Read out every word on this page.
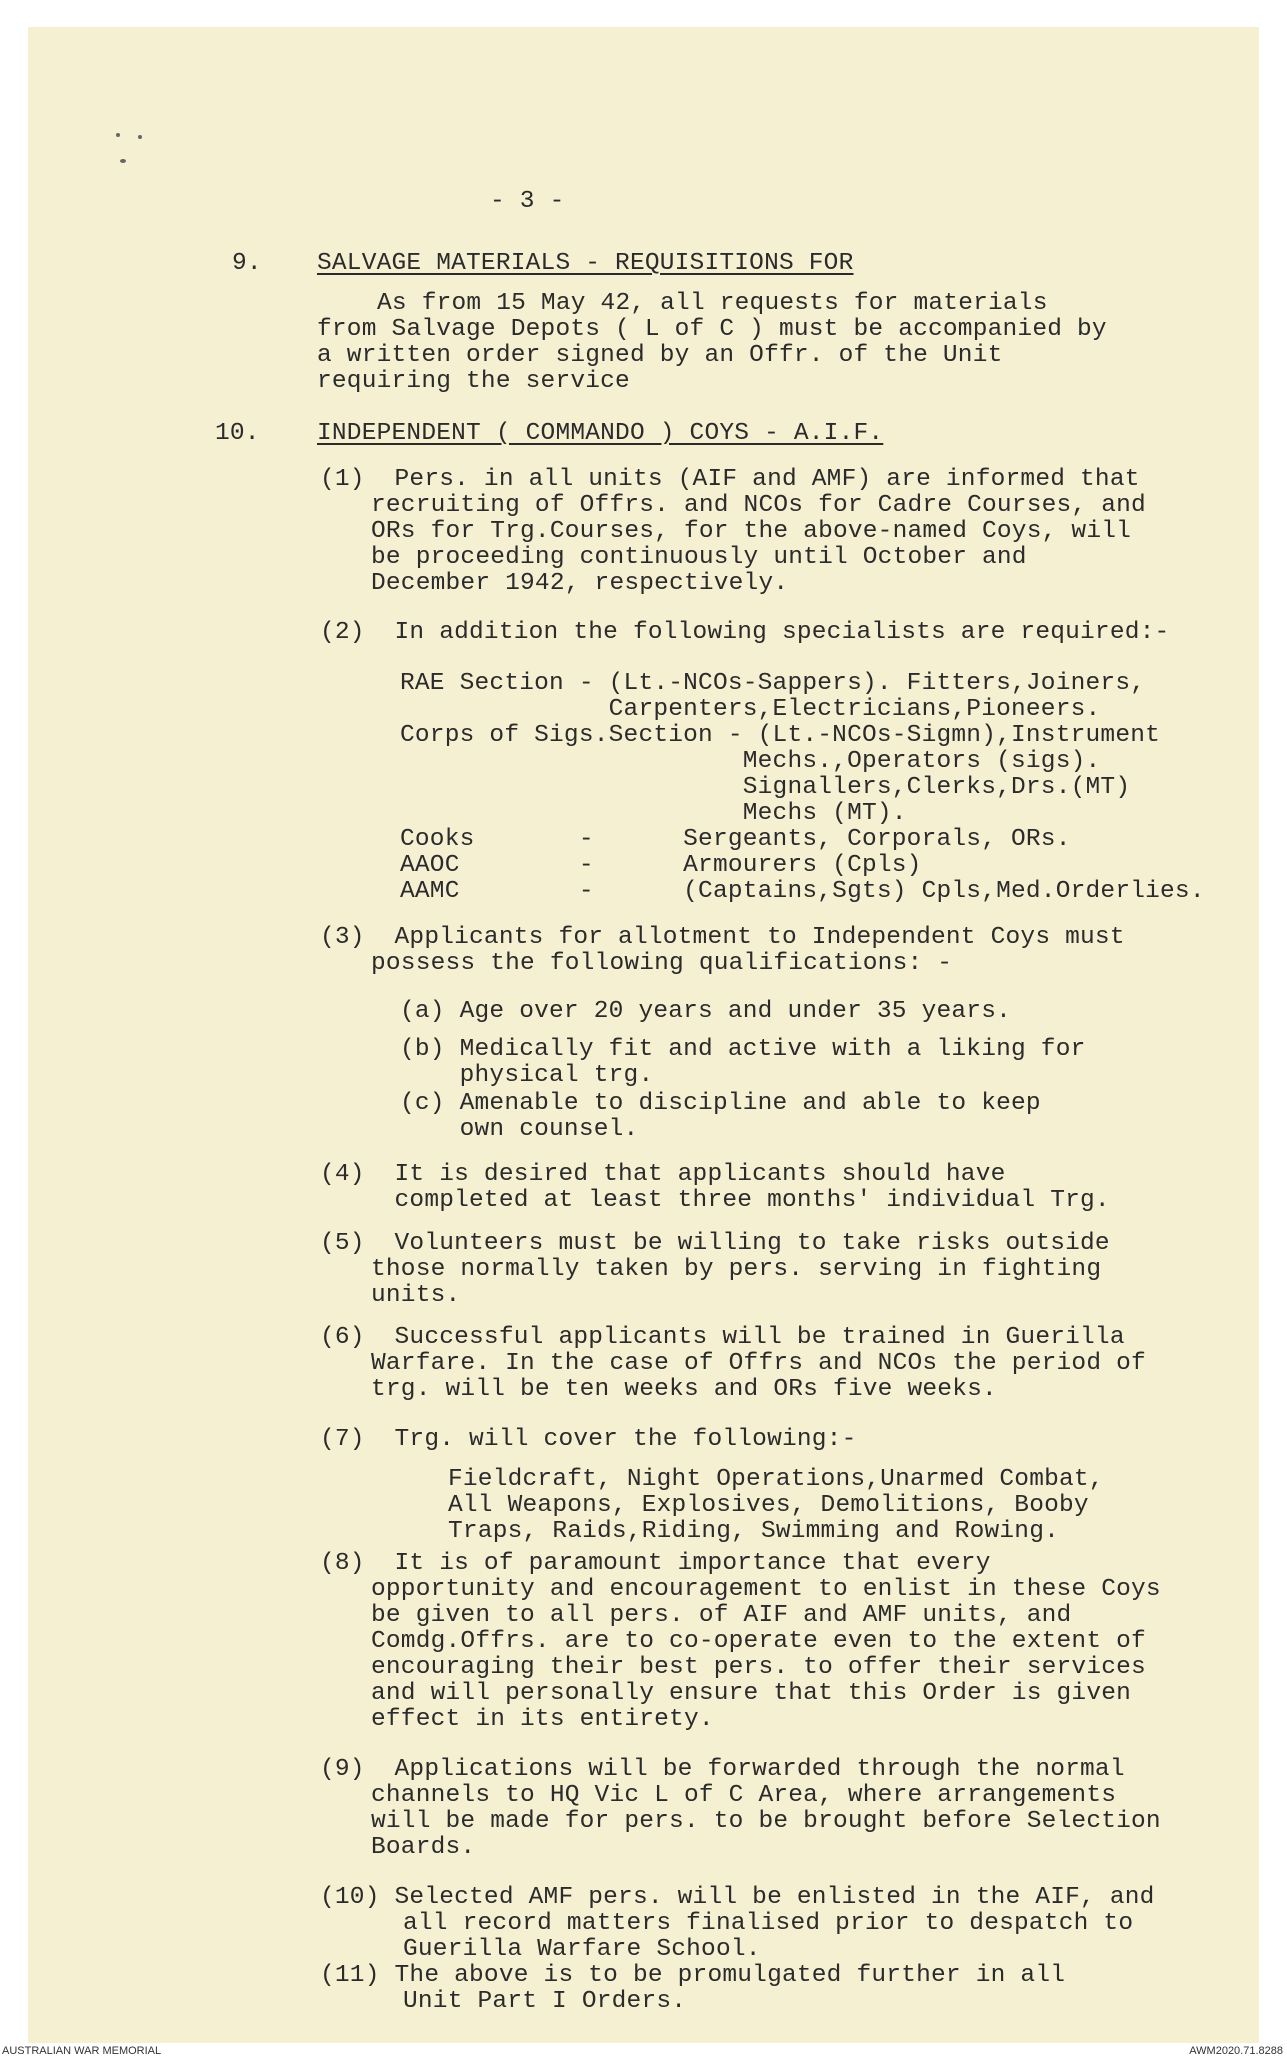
- 3 -
9. SALVAGE MATERIALS - REQUISITIONS FOR
As from 15 May 42, all requests for materials
from Salvage Depots ( L of C ) must be accompanied by
a written order signed by an Offr. of the Unit
requiring the service
10. INDEPENDENT ( COMMANDO ) COYS - A.I.F.
(1)  Pers. in all units (AIF and AMF) are informed that
recruiting of Offrs. and NCOs for Cadre Courses, and
ORs for Trg.Courses, for the above-named Coys, will
be proceeding continuously until October and
December 1942, respectively.
(2)  In addition the following specialists are required:-
RAE Section - (Lt.-NCOs-Sappers). Fitters,Joiners,
Carpenters,Electricians,Pioneers.
Corps of Sigs.Section - (Lt.-NCOs-Sigmn),Instrument
Mechs.,Operators (sigs).
Signallers,Clerks,Drs.(MT)
Mechs (MT).
Cooks       -      Sergeants, Corporals, ORs.
AAOC        -      Armourers (Cpls)
AAMC        -      (Captains,Sgts) Cpls,Med.Orderlies.
(3)  Applicants for allotment to Independent Coys must
possess the following qualifications: -
(a) Age over 20 years and under 35 years.
(b) Medically fit and active with a liking for
physical trg.
(c) Amenable to discipline and able to keep
own counsel.
(4)  It is desired that applicants should have
completed at least three months' individual Trg.
(5)  Volunteers must be willing to take risks outside
those normally taken by pers. serving in fighting
units.
(6)  Successful applicants will be trained in Guerilla
Warfare. In the case of Offrs and NCOs the period of
trg. will be ten weeks and ORs five weeks.
(7)  Trg. will cover the following:-
Fieldcraft, Night Operations,Unarmed Combat,
All Weapons, Explosives, Demolitions, Booby
Traps, Raids,Riding, Swimming and Rowing.
(8)  It is of paramount importance that every
opportunity and encouragement to enlist in these Coys
be given to all pers. of AIF and AMF units, and
Comdg.Offrs. are to co-operate even to the extent of
encouraging their best pers. to offer their services
and will personally ensure that this Order is given
effect in its entirety.
(9)  Applications will be forwarded through the normal
channels to HQ Vic L of C Area, where arrangements
will be made for pers. to be brought before Selection
Boards.
(10) Selected AMF pers. will be enlisted in the AIF, and
all record matters finalised prior to despatch to
Guerilla Warfare School.
(11) The above is to be promulgated further in all
Unit Part I Orders.
AUSTRALIAN WAR MEMORIAL	AWM2020.71.8288
